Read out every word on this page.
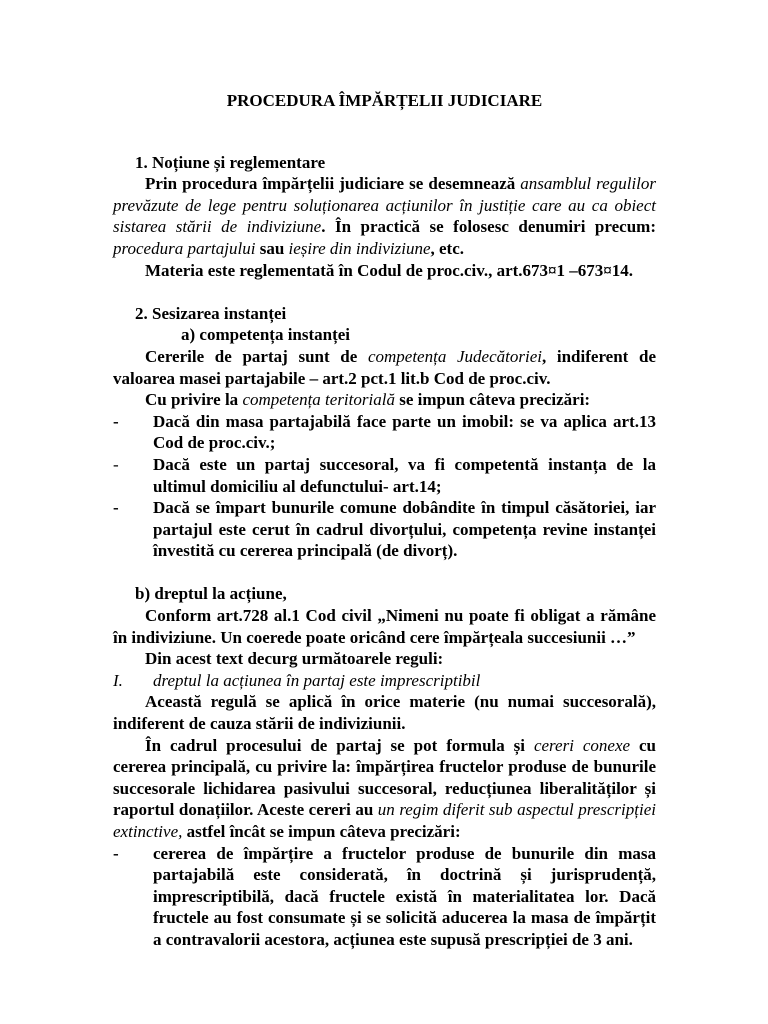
PROCEDURA ÎMPĂRȚELII JUDICIARE
1. Noțiune și reglementare

Prin procedura împărțelii judiciare se desemnează ansamblul regulilor prevăzute de lege pentru soluționarea acțiunilor în justiție care au ca obiect sistarea stării de indiviziune. În practică se folosesc denumiri precum: procedura partajului sau ieșire din indiviziune, etc.

Materia este reglementată în Codul de proc.civ., art.673¤1 –673¤14.

2. Sesizarea instanței
a) competența instanței

Cererile de partaj sunt de competența Judecătoriei, indiferent de valoarea masei partajabile – art.2 pct.1 lit.b Cod de proc.civ.

Cu privire la competența teritorială se impun câteva precizări:

-	Dacă din masa partajabilă face parte un imobil: se va aplica art.13 Cod de proc.civ.;
-	Dacă este un partaj succesoral, va fi competentă instanța de la ultimul domiciliu al defunctului- art.14;
-	Dacă se împart bunurile comune dobândite în timpul căsătoriei, iar partajul este cerut în cadrul divorțului, competența revine instanței învestită cu cererea principală (de divorț).
b) dreptul la acțiune,

Conform art.728 al.1 Cod civil „Nimeni nu poate fi obligat a rămâne în indiviziune. Un coerede poate oricând cere împărțeala succesiunii …”

Din acest text decurg următoarele reguli:

I.	dreptul la acțiunea în partaj este imprescriptibil

Această regulă se aplică în orice materie (nu numai succesorală), indiferent de cauza stării de indiviziunii.

În cadrul procesului de partaj se pot formula și cereri conexe cu cererea principală, cu privire la: împărțirea fructelor produse de bunurile succesorale lichidarea pasivului succesoral, reducțiunea liberalităților și raportul donațiilor. Aceste cereri au un regim diferit sub aspectul prescripției extinctive, astfel încât se impun câteva precizări:

-	cererea de împărțire a fructelor produse de bunurile din masa partajabilă este considerată, în doctrină și jurisprudență, imprescriptibilă, dacă fructele există în materialitatea lor. Dacă fructele au fost consumate și se solicită aducerea la masa de împărțit a contravalorii acestora, acțiunea este supusă prescripției de 3 ani.
